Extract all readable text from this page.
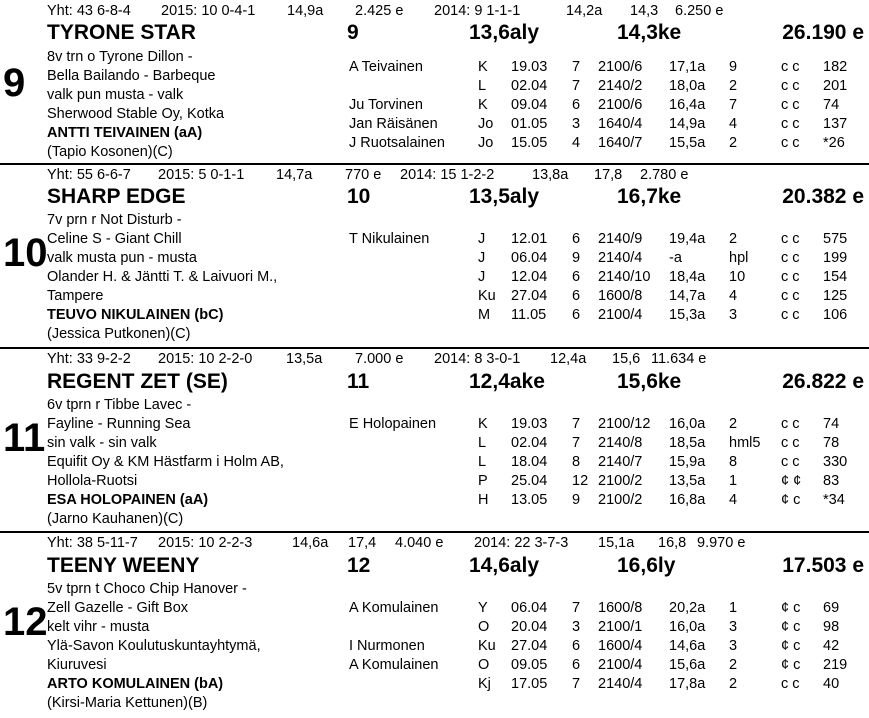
Yht: 43 6-8-4 2015: 10 0-4-1 14,9a 2.425 e 2014: 9 1-1-1	14,2a 14,3 6.250 e
TYRONE STAR	9	13,6aly	14,3ke	26.190 e
9
8v trn o Tyrone Dillon -
Bella Bailando - Barbeque
valk pun musta - valk
Sherwood Stable Oy, Kotka
ANTTI TEIVAINEN (aA)
(Tapio Kosonen)(C)
A Teivainen	K 19.03 7 2100/6 17,1a 9	c c 182
L 02.04 7 2140/2 18,0a 2	c c 201
Ju Torvinen	K 09.04 6 2100/6 16,4a 7	c c 74
Jan Räisänen	Jo 01.05 3 1640/4 14,9a 4	c c 137
J Ruotsalainen Jo 15.05 4 1640/7 15,5a 2	c c *26
Yht: 55 6-6-7 2015: 5 0-1-1 14,7a 770 e 2014: 15 1-2-2	13,8a 17,8 2.780 e
SHARP EDGE	10	13,5aly	16,7ke	20.382 e
10
7v prn r Not Disturb -
Celine S - Giant Chill
valk musta pun - musta
Olander H. & Jäntti T. & Laivuori M.,
Tampere
TEUVO NIKULAINEN (bC)
(Jessica Putkonen)(C)
T Nikulainen	J 12.01 6 2140/9 19,4a 2	c c 575
J 06.04 9 2140/4 -a	hpl c c 199
J 12.04 6 2140/10 18,4a 10 c c 154
Ku 27.04 6 1600/8 14,7a 4	c c 125
M 11.05 6 2100/4 15,3a 3	c c 106
Yht: 33 9-2-2 2015: 10 2-2-0 13,5a 7.000 e 2014: 8 3-0-1 12,4a 15,6 11.634 e
REGENT ZET (SE)	11	12,4ake	15,6ke	26.822 e
11
6v tprn r Tibbe Lavec -
Fayline - Running Sea
sin valk - sin valk
Equifit Oy & KM Hästfarm i Holm AB,
Hollola-Ruotsi
ESA HOLOPAINEN (aA)
(Jarno Kauhanen)(C)
E Holopainen	K 19.03 7 2100/12 16,0a 2	c c 74
L 02.04 7 2140/8 18,5a hml5 c c 78
L 18.04 8 2140/7 15,9a 8	c c 330
P 25.04 12 2100/2 13,5a 1	¢ ¢ 83
H 13.05 9 2100/2 16,8a 4	¢ c *34
Yht: 38 5-11-7 2015: 10 2-2-3	14,6a 17,4 4.040 e 2014: 22 3-7-3 15,1a 16,8 9.970 e
TEENY WEENY	12	14,6aly	16,6ly	17.503 e
12
5v tprn t Choco Chip Hanover -
Zell Gazelle - Gift Box
kelt vihr - musta
Ylä-Savon Koulutuskuntayhtymä,
Kiuruvesi
ARTO KOMULAINEN (bA)
(Kirsi-Maria Kettunen)(B)
A Komulainen	Y 06.04 7 1600/8 20,2a 1	¢ c 69
O 20.04 3 2100/1 16,0a 3	¢ c 98
I Nurmonen	Ku 27.04 6 1600/4 14,6a 3	¢ c 42
A Komulainen	O 09.05 6 2100/4 15,6a 2	¢ c 219
Kj 17.05 7 2140/4 17,8a 2	c c 40
